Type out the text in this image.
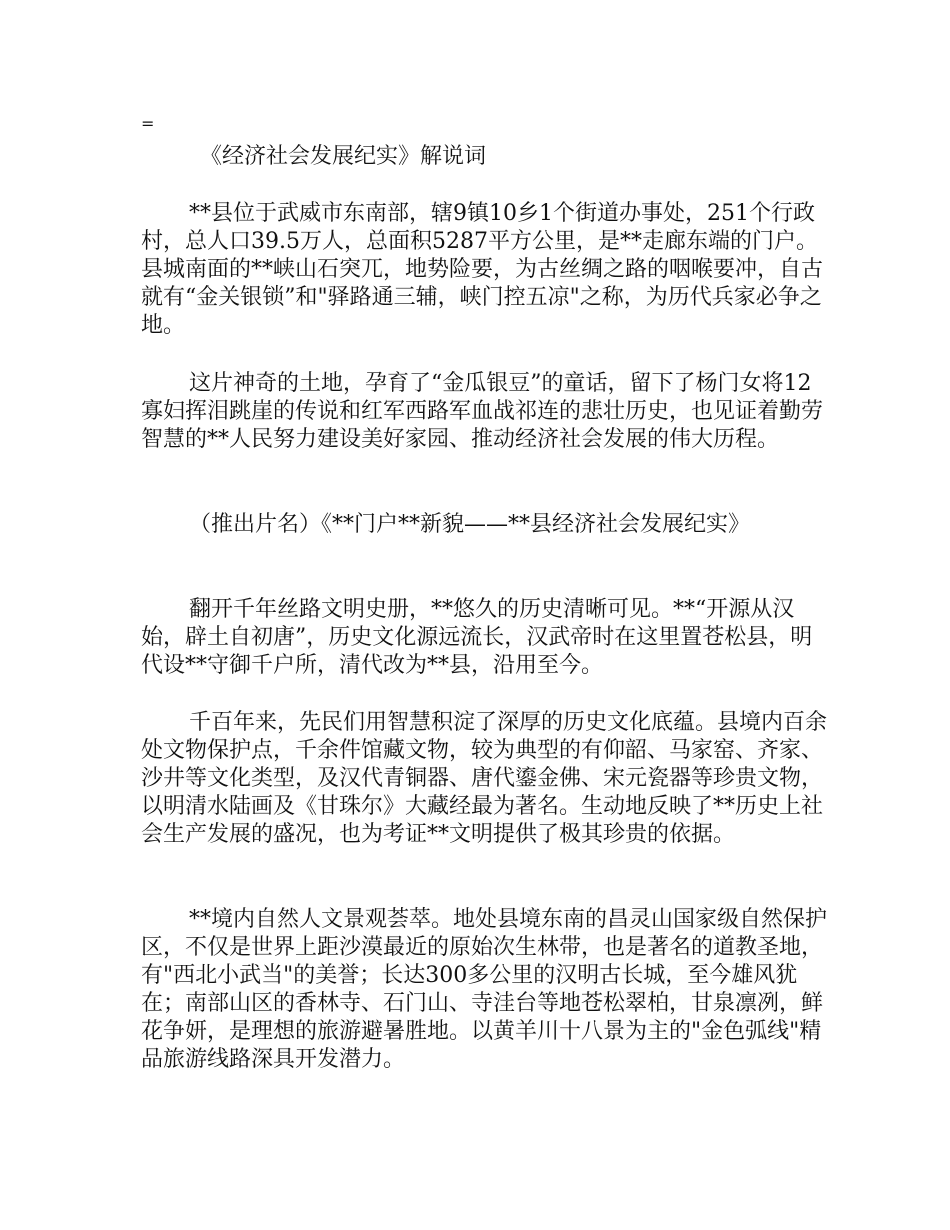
=
《经济社会发展纪实》解说词

**县位于武威市东南部，辖9镇10乡1个街道办事处，251个行政村，总人口39.5万人，总面积5287平方公里，是**走廊东端的门户。县城南面的**峡山石突兀，地势险要，为古丝绸之路的咽喉要冲，自古就有“金关银锁”和"驿路通三辅，峡门控五凉"之称，为历代兵家必争之地。

这片神奇的土地，孕育了“金瓜银豆”的童话，留下了杨门女将12寡妇挥泪跳崖的传说和红军西路军血战祁连的悲壮历史，也见证着勤劳智慧的**人民努力建设美好家园、推动经济社会发展的伟大历程。

（推出片名）《**门户**新貌——**县经济社会发展纪实》

翻开千年丝路文明史册，**悠久的历史清晰可见。**“开源从汉始，辟土自初唐”，历史文化源远流长，汉武帝时在这里置苍松县，明代设**守御千户所，清代改为**县，沿用至今。

千百年来，先民们用智慧积淀了深厚的历史文化底蕴。县境内百余处文物保护点，千余件馆藏文物，较为典型的有仰韶、马家窑、齐家、沙井等文化类型，及汉代青铜器、唐代鎏金佛、宋元瓷器等珍贵文物，以明清水陆画及《甘珠尔》大藏经最为著名。生动地反映了**历史上社会生产发展的盛况，也为考证**文明提供了极其珍贵的依据。

**境内自然人文景观荟萃。地处县境东南的昌灵山国家级自然保护区，不仅是世界上距沙漠最近的原始次生林带，也是著名的道教圣地，有"西北小武当"的美誉；长达300多公里的汉明古长城，至今雄风犹在；南部山区的香林寺、石门山、寺洼台等地苍松翠柏，甘泉凛冽，鲜花争妍，是理想的旅游避暑胜地。以黄羊川十八景为主的"金色弧线"精品旅游线路深具开发潜力。
